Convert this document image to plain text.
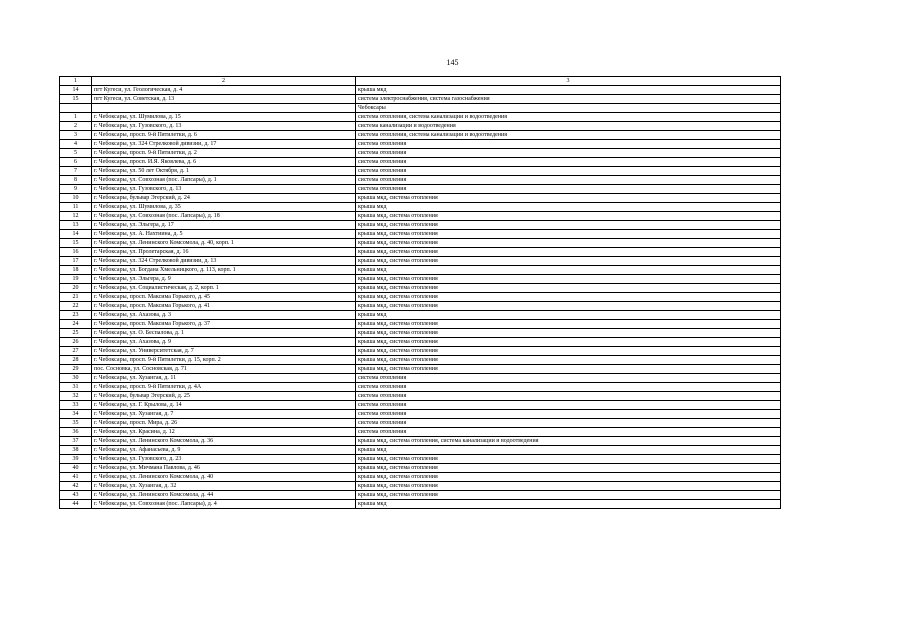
145
1	2	3
14	пгт Кугеси, ул. Геологическая, д. 4	крыша мкд
15	пгт Кугеси, ул. Советская, д. 13	система электроснабжения, система газоснабжения
		Чебоксары
1	г. Чебоксары, ул. Шумилова, д. 15	система отопления, система канализации и водоотведения
2	г. Чебоксары, ул. Гузовского, д. 13	система канализации и водоотведения
3	г. Чебоксары, просп. 9-й Пятилетки, д. 6	система отопления, система канализации и водоотведения
4	г. Чебоксары, ул. 324 Стрелковой дивизии, д. 17	система отопления
5	г. Чебоксары, просп. 9-й Пятилетки, д. 2	система отопления
6	г. Чебоксары, просп. И.Я. Яковлева, д. 6	система отопления
7	г. Чебоксары, ул. 50 лет Октября, д. 1	система отопления
8	г. Чебоксары, ул. Совхозная (пос. Лапсары), д. 1	система отопления
9	г. Чебоксары, ул. Гузовского, д. 13	система отопления
10	г. Чебоксары, бульвар Эгерский, д. 24	крыша мкд, система отопления
11	г. Чебоксары, ул. Шумилова, д. 35	крыша мкд
12	г. Чебоксары, ул. Совхозная (пос. Лапсары), д. 18	крыша мкд, система отопления
13	г. Чебоксары, ул. Эльгера, д. 17	крыша мкд, система отопления
14	г. Чебоксары, ул. А. Нахтиина, д. 5	крыша мкд, система отопления
15	г. Чебоксары, ул. Ленинского Комсомола, д. 40, корп. 1	крыша мкд, система отопления
16	г. Чебоксары, ул. Пролетарская, д. 16	крыша мкд, система отопления
17	г. Чебоксары, ул. 324 Стрелковой дивизии, д. 13	крыша мкд, система отопления
18	г. Чебоксары, ул. Богдана Хмельницкого, д. 113, корп. 1	крыша мкд
19	г. Чебоксары, ул. Эльгера, д. 9	крыша мкд, система отопления
20	г. Чебоксары, ул. Социалистическая, д. 2, корп. 1	крыша мкд, система отопления
21	г. Чебоксары, просп. Максима Горького, д. 45	крыша мкд, система отопления
22	г. Чебоксары, просп. Максима Горького, д. 41	крыша мкд, система отопления
23	г. Чебоксары, ул. Ахазова, д. 3	крыша мкд
24	г. Чебоксары, просп. Максима Горького, д. 37	крыша мкд, система отопления
25	г. Чебоксары, ул. О. Беспалова, д. 1	крыша мкд, система отопления
26	г. Чебоксары, ул. Ахазова, д. 9	крыша мкд, система отопления
27	г. Чебоксары, ул. Университетская, д. 7	крыша мкд, система отопления
28	г. Чебоксары, просп. 9-й Пятилетки, д. 15, корп. 2	крыша мкд, система отопления
29	пос. Сосновка, ул. Сосновская, д. 71	крыша мкд, система отопления
30	г. Чебоксары, ул. Хузангая, д. 11	система отопления
31	г. Чебоксары, просп. 9-й Пятилетки, д. 4А	система отопления
32	г. Чебоксары, бульвар Эгерский, д. 25	система отопления
33	г. Чебоксары, ул. Г. Крылова, д. 14	система отопления
34	г. Чебоксары, ул. Хузангая, д. 7	система отопления
35	г. Чебоксары, просп. Мира, д. 26	система отопления
36	г. Чебоксары, ул. Красина, д. 12	система отопления
37	г. Чебоксары, ул. Ленинского Комсомола, д. 36	крыша мкд, система отопления, система канализации и водоотведения
38	г. Чебоксары, ул. Афанасьева, д. 9	крыша мкд
39	г. Чебоксары, ул. Гузовского, д. 23	крыша мкд, система отопления
40	г. Чебоксары, ул. Мичмана Павлова, д. 46	крыша мкд, система отопления
41	г. Чебоксары, ул. Ленинского Комсомола, д. 40	крыша мкд, система отопления
42	г. Чебоксары, ул. Хузангая, д. 32	крыша мкд, система отопления
43	г. Чебоксары, ул. Ленинского Комсомола, д. 44	крыша мкд, система отопления
44	г. Чебоксары, ул. Совхозная (пос. Лапсары), д. 4	крыша мкд
